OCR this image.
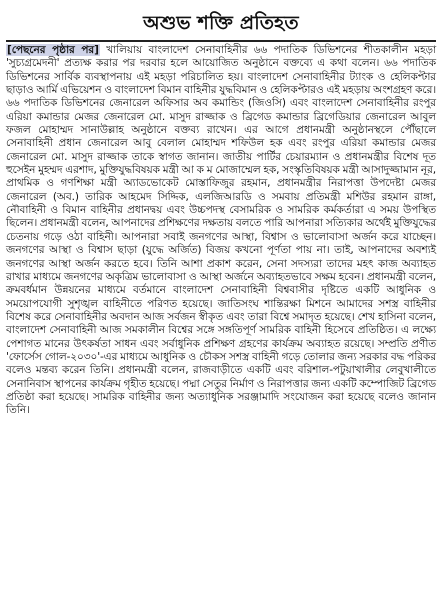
অশুভ শক্তি প্রতিহত

[পেছনের পৃষ্ঠার পর] খালিয়ায় বাংলাদেশ সেনাবাহিনীর ৬৬ পদাতিক ডিভিশনের শীতকালীন মহড়া 'সুচ্যগ্রমেদনী' প্রত্যক্ষ করার পর দরবার হলে আয়োজিত অনুষ্ঠানে বক্তব্যে এ কথা বলেন। ৬৬ পদাতিক ডিভিশনের সার্বিক ব্যবস্থাপনায় এই মহড়া পরিচালিত হয়। বাংলাদেশ সেনাবাহিনীর ট্যাংক ও হেলিকপ্টার ছাড়াও আর্মি এভিয়েশন ও বাংলাদেশ বিমান বাহিনীর যুদ্ধবিমান ও হেলিকপ্টারও এই মহড়ায় অংশগ্রহণ করে। ৬৬ পদাতিক ডিভিশনের জেনারেল অফিসার অব কমান্ডিং (জিওসি) এবং বাংলাদেশ সেনাবাহিনীর রংপুর এরিয়া কমান্ডার মেজর জেনারেল মো. মাসুদ রাজ্জাক ও ব্রিগেড কমান্ডার ব্রিগেডিয়ার জেনারেল আবুল ফজল মোহাম্মদ সানাউল্লাহ অনুষ্ঠানে বক্তব্য রাখেন। এর আগে প্রধানমন্ত্রী অনুষ্ঠানস্থলে পৌঁছালে সেনাবাহিনী প্রধান জেনারেল আবু বেলাল মোহাম্মদ শফিউল হক এবং রংপুর এরিয়া কমান্ডার মেজর জেনারেল মো. মাসুদ রাজ্জাক তাকে স্বাগত জানান। জাতীয় পার্টির চেয়ারম্যান ও প্রধানমন্ত্রীর বিশেষ দূত হুসেইন মুহম্মদ এরশাদ, মুক্তিযুদ্ধবিষয়ক মন্ত্রী আ ক ম মোজাম্মেল হক, সংস্কৃতিবিষয়ক মন্ত্রী আসাদুজ্জামান নূর, প্রাথমিক ও গণশিক্ষা মন্ত্রী অ্যাডভোকেট মোস্তাফিজুর রহমান, প্রধানমন্ত্রীর নিরাপত্তা উপদেষ্টা মেজর জেনারেল (অব.) তারিক আহমেদ সিদ্দিক, এলজিআরডি ও সমবায় প্রতিমন্ত্রী মশিউর রহমান রাঙ্গা, নৌবাহিনী ও বিমান বাহিনীর প্রধানদ্বয় এবং উচ্চপদস্থ বেসামরিক ও সামরিক কর্মকর্তারা এ সময় উপস্থিত ছিলেন। প্রধানমন্ত্রী বলেন, আপনাদের প্রশিক্ষণের দক্ষতায় বলতে পারি আপনারা সত্যিকার অর্থেই মুক্তিযুদ্ধের চেতনায় গড়ে ওঠা বাহিনী। আপনারা সবাই জনগণের আস্থা, বিশ্বাস ও ভালোবাসা অর্জন করে যাচ্ছেন। জনগণের আস্থা ও বিশ্বাস ছাড়া (যুদ্ধে অর্জিত) বিজয় কখনো পূর্ণতা পায় না। তাই, আপনাদের অবশ্যই জনগণের আস্থা অর্জন করতে হবে। তিনি আশা প্রকাশ করেন, সেনা সদস্যরা তাদের মহৎ কাজ অব্যাহত রাখার মাধ্যমে জনগণের অকৃত্রিম ভালোবাসা ও আস্থা অর্জনে অব্যাহতভাবে সক্ষম হবেন। প্রধানমন্ত্রী বলেন, ক্রমবর্ধমান উন্নয়নের মাধ্যমে বর্তমানে বাংলাদেশ সেনাবাহিনী বিশ্ববাসীর দৃষ্টিতে একটি আধুনিক ও সময়োপযোগী সুশৃঙ্খল বাহিনীতে পরিণত হয়েছে। জাতিসংঘ শান্তিরক্ষা মিশনে আমাদের সশস্ত্র বাহিনীর বিশেষ করে সেনাবাহিনীর অবদান আজ সর্বজন স্বীকৃত এবং তারা বিশ্বে সমাদৃত হয়েছে। শেখ হাসিনা বলেন, বাংলাদেশ সেনাবাহিনী আজ সমকালীন বিশ্বের সঙ্গে সঙ্গতিপূর্ণ সামরিক বাহিনী হিসেবে প্রতিষ্ঠিত। এ লক্ষ্যে পেশাগত মানের উৎকর্ষতা সাধন এবং সর্বাধুনিক প্রশিক্ষণ গ্রহণের কার্যক্রম অব্যাহত রয়েছে। সম্প্রতি প্রণীত 'ফোর্সেস গোল-২০৩০'-এর মাধ্যমে আধুনিক ও চৌকস সশস্ত্র বাহিনী গড়ে তোলার জন্য সরকার বদ্ধ পরিকর বলেও মন্তব্য করেন তিনি। প্রধানমন্ত্রী বলেন, রাজবাড়ীতে একটি এবং বরিশাল-পটুয়াখালীর লেবুখালীতে সেনানিবাস স্থাপনের কার্যক্রম গৃহীত হয়েছে। পদ্মা সেতুর নির্মাণ ও নিরাপত্তার জন্য একটি কম্পোজিট ব্রিগেড প্রতিষ্ঠা করা হয়েছে। সামরিক বাহিনীর জন্য অত্যাধুনিক সরঞ্জামাদি সংযোজন করা হয়েছে বলেও জানান তিনি।
